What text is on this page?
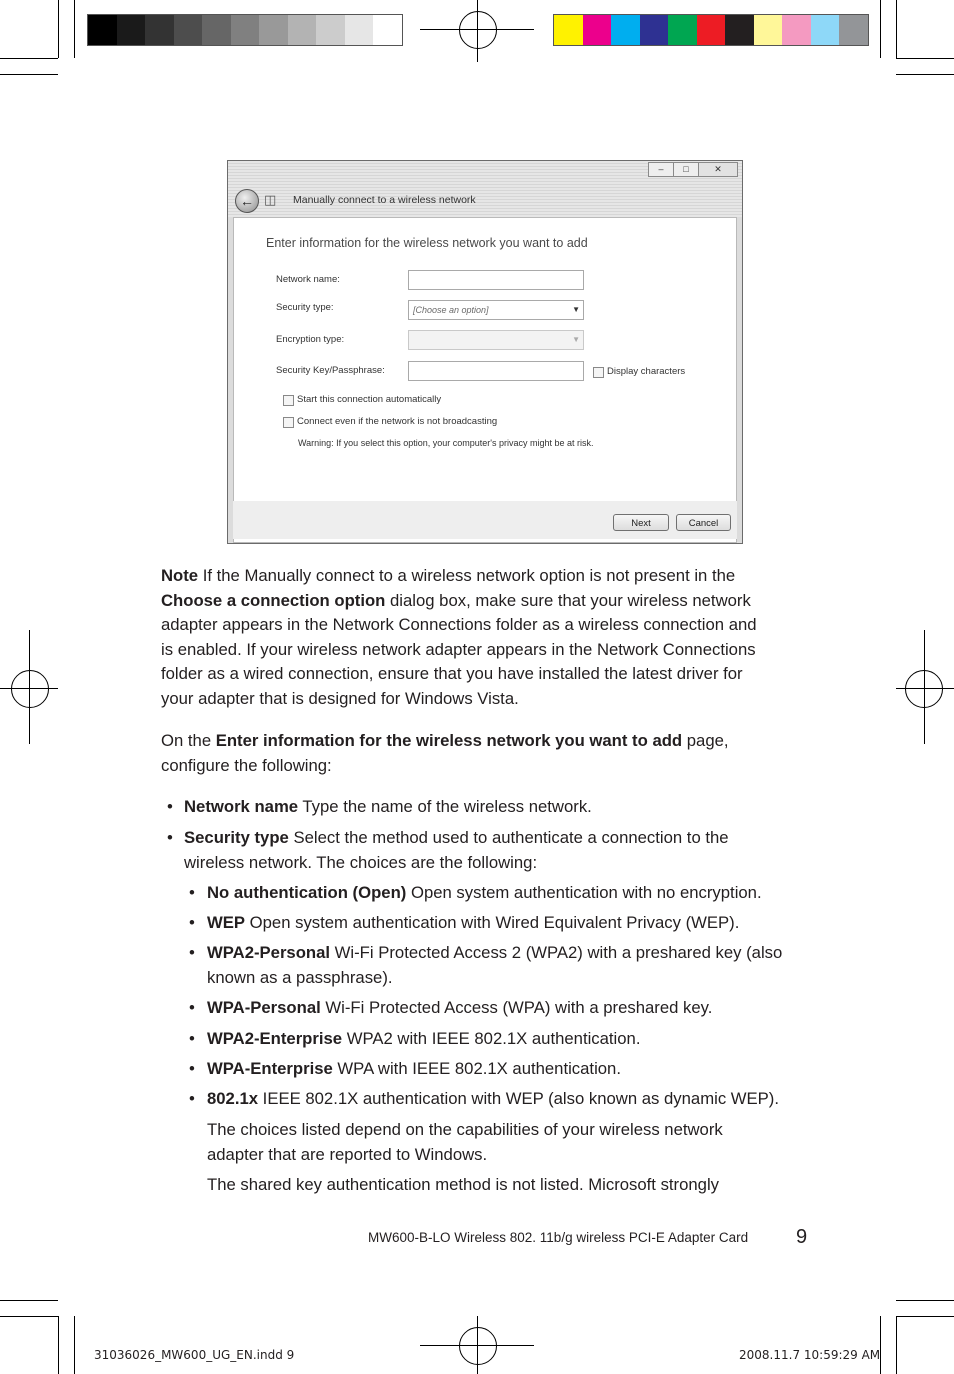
–	□	✕
← ◫	Manually connect to a wireless network
Enter information for the wireless network you want to add
Network name:
Security type:	[Choose an option]	▼
Encryption type:	▼
Security Key/Passphrase:	Display characters
Start this connection automatically
Connect even if the network is not broadcasting
Warning: If you select this option, your computer's privacy might be at risk.
Next	Cancel
Note If the Manually connect to a wireless network option is not present in the
Choose a connection option dialog box, make sure that your wireless network
adapter appears in the Network Connections folder as a wireless connection and
is enabled. If your wireless network adapter appears in the Network Connections
folder as a wired connection, ensure that you have installed the latest driver for
your adapter that is designed for Windows Vista.
On the Enter information for the wireless network you want to add page,
configure the following:
• Network name Type the name of the wireless network.
• Security type Select the method used to authenticate a connection to the
wireless network. The choices are the following:
• No authentication (Open) Open system authentication with no encryption.
• WEP Open system authentication with Wired Equivalent Privacy (WEP).
• WPA2-Personal Wi-Fi Protected Access 2 (WPA2) with a preshared key (also
known as a passphrase).
• WPA-Personal Wi-Fi Protected Access (WPA) with a preshared key.
• WPA2-Enterprise WPA2 with IEEE 802.1X authentication.
• WPA-Enterprise WPA with IEEE 802.1X authentication.
• 802.1x IEEE 802.1X authentication with WEP (also known as dynamic WEP).
The choices listed depend on the capabilities of your wireless network
adapter that are reported to Windows.
The shared key authentication method is not listed. Microsoft strongly
MW600-B-LO Wireless 802. 11b/g wireless PCI-E Adapter Card 9
31036026_MW600_UG_EN.indd 9	2008.11.7 10:59:29 AM
